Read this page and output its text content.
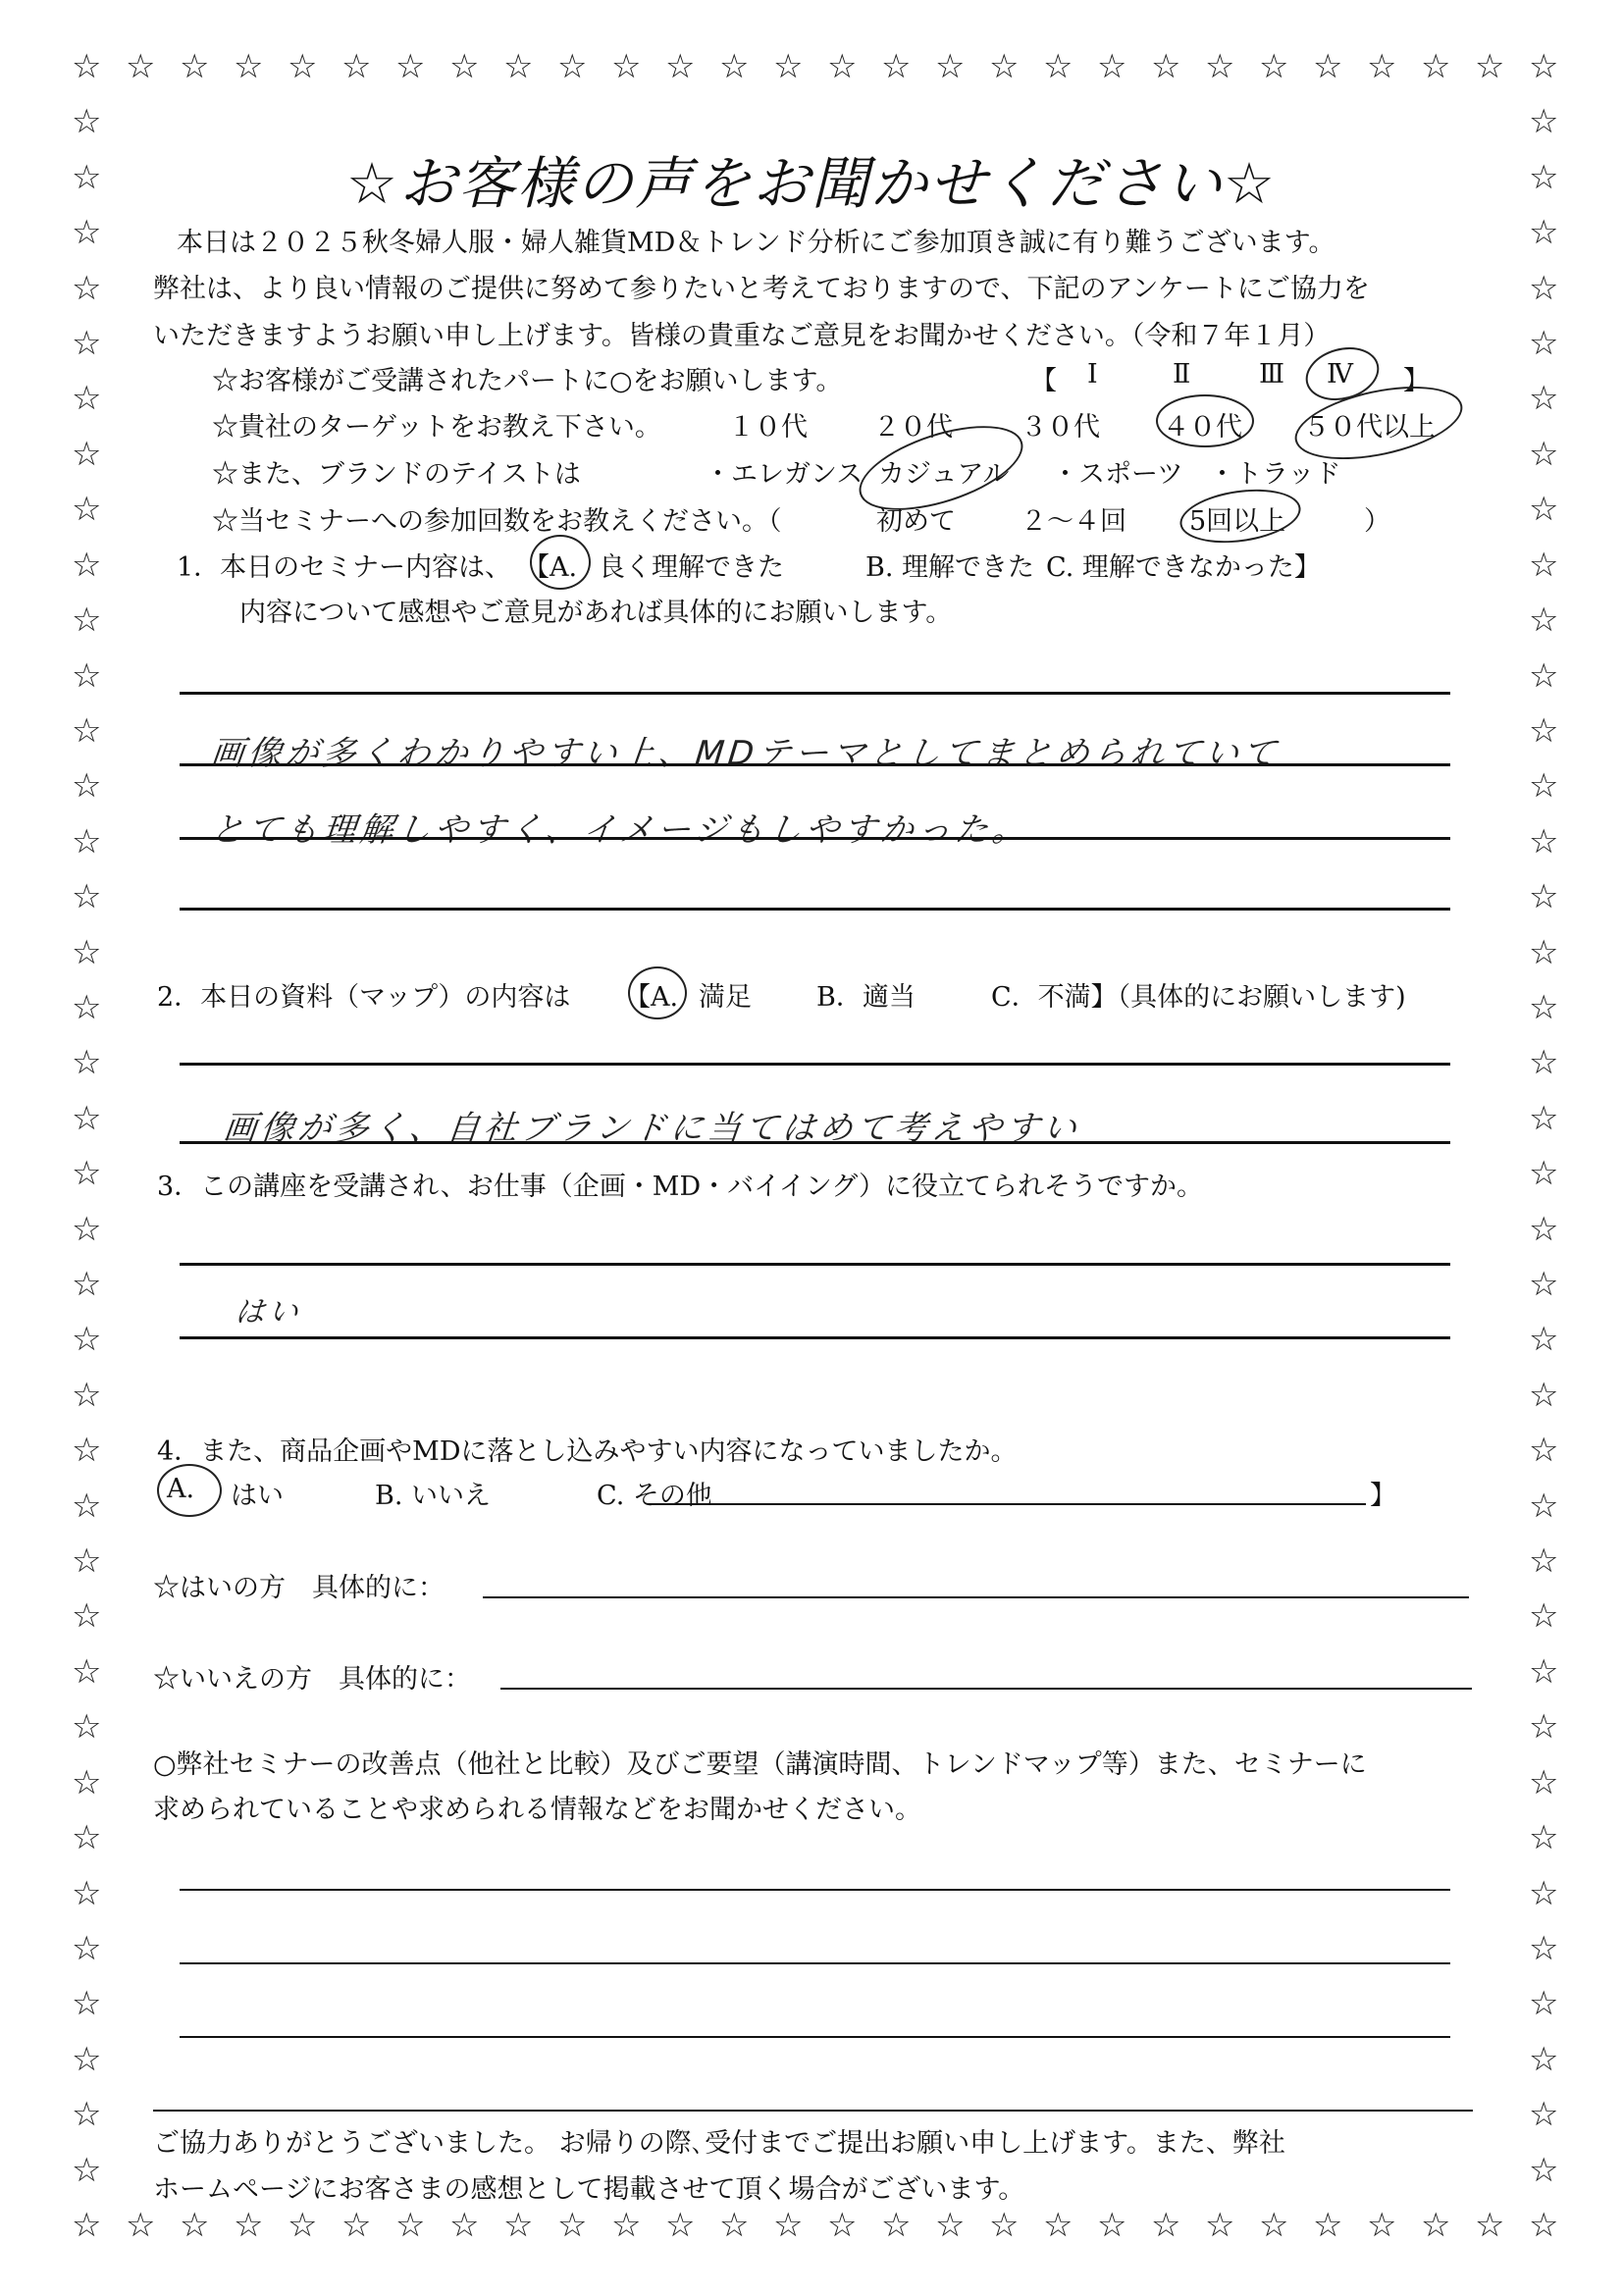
☆
☆
☆
☆
☆
☆
☆
☆
☆
☆
☆
☆
☆
☆
☆
☆
☆
☆
☆
☆
☆
☆
☆
☆
☆
☆
☆
☆
☆
☆
☆
☆
☆
☆
☆
☆
☆
☆
☆
☆
☆
☆
☆
☆
☆
☆
☆
☆
☆
☆
☆
☆
☆
☆
☆
☆
☆	☆
☆	☆
☆	☆
☆	☆
☆	☆
☆	☆
☆	☆
☆	☆
☆	☆
☆	☆
☆	☆
☆	☆
☆	☆
☆	☆
☆	☆
☆	☆
☆	☆
☆	☆
☆	☆
☆	☆
☆	☆
☆	☆
☆	☆
☆	☆
☆	☆
☆	☆
☆	☆
☆	☆
☆	☆
☆	☆
☆	☆
☆	☆
☆	☆
☆	☆
☆	☆
☆	☆
☆	☆
☆	☆
☆お客様の声をお聞かせください☆
本日は２０２５秋冬婦人服・婦人雑貨MD＆トレンド分析にご参加頂き誠に有り難うございます。
弊社は、より良い情報のご提供に努めて参りたいと考えておりますので、下記のアンケートにご協力を
いただきますようお願い申し上げます。皆様の貴重なご意見をお聞かせください。（令和７年１月）
☆お客様がご受講されたパートに○をお願いします。	【 Ⅰ	Ⅱ	Ⅲ Ⅳ 】
☆貴社のターゲットをお教え下さい。	１０代 ２０代	３０代 ４０代 ５０代以上
☆また、ブランドのテイストは	・エレガンス カジュアル ・スポーツ ・トラッド
☆当セミナーへの参加回数をお教えください。（	初めて ２～４回 5回以上	）
1．本日のセミナー内容は、 【A. 良く理解できた	B. 理解できた C. 理解できなかった】
内容について感想やご意見があれば具体的にお願いします。
画像が多くわかりやすい上、MDテーマとしてまとめられていて
とても理解しやすく、イメージもしやすかった。
2．本日の資料（マップ）の内容は 【A. 満足 B．適当	C．不満】（具体的にお願いします)
画像が多く、自社ブランドに当てはめて考えやすい
3．この講座を受講され、お仕事（企画・MD・バイイング）に役立てられそうですか。
はい
4．また、商品企画やMDに落とし込みやすい内容になっていましたか。
A. はい	B. いいえ	C. その他	】
☆はいの方　具体的に：
☆いいえの方　具体的に：
○弊社セミナーの改善点（他社と比較）及びご要望（講演時間、トレンドマップ等）また、セミナーに
求められていることや求められる情報などをお聞かせください。
ご協力ありがとうございました。 お帰りの際､受付までご提出お願い申し上げます。また、弊社
ホームページにお客さまの感想として掲載させて頂く場合がございます。
